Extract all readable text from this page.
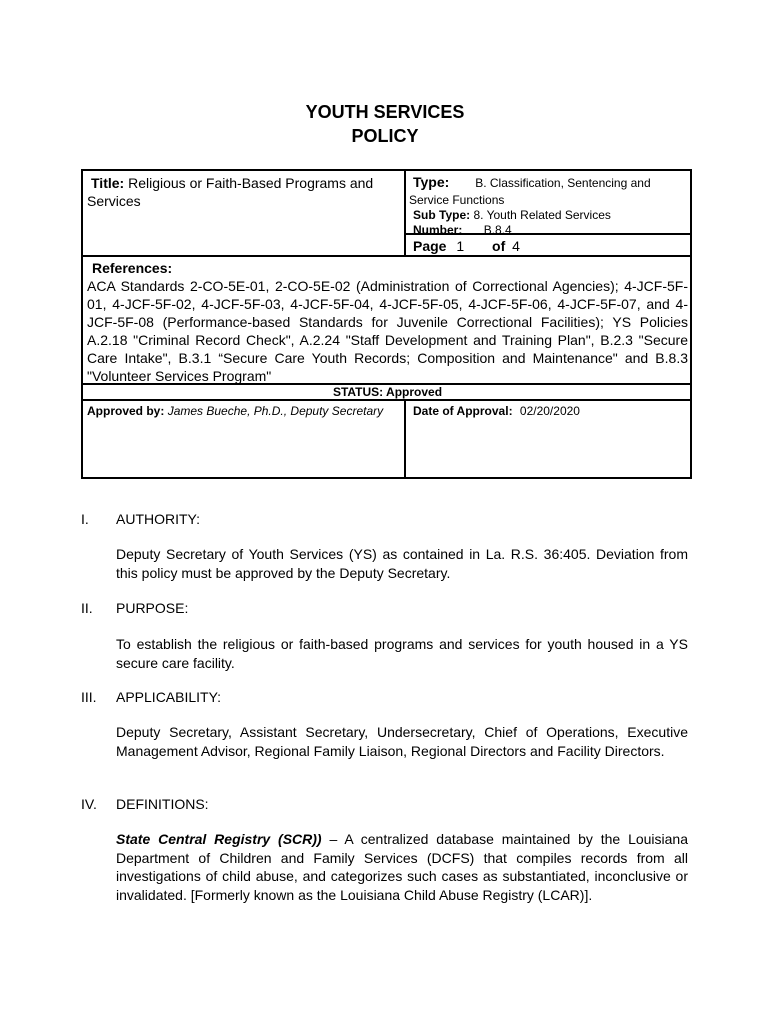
YOUTH SERVICES
POLICY
Title: Religious or Faith-Based Programs and Services
Type: B. Classification, Sentencing and Service Functions
Sub Type: 8. Youth Related Services
Number: B.8.4
Page 1 of 4
References:
ACA Standards 2-CO-5E-01, 2-CO-5E-02 (Administration of Correctional Agencies); 4-JCF-5F-01, 4-JCF-5F-02, 4-JCF-5F-03, 4-JCF-5F-04, 4-JCF-5F-05, 4-JCF-5F-06, 4-JCF-5F-07, and 4-JCF-5F-08 (Performance-based Standards for Juvenile Correctional Facilities); YS Policies A.2.18 "Criminal Record Check", A.2.24 "Staff Development and Training Plan", B.2.3 "Secure Care Intake", B.3.1 “Secure Care Youth Records; Composition and Maintenance" and B.8.3 "Volunteer Services Program"
STATUS: Approved
Approved by: James Bueche, Ph.D., Deputy Secretary	Date of Approval: 02/20/2020
I. AUTHORITY:
Deputy Secretary of Youth Services (YS) as contained in La. R.S. 36:405. Deviation from this policy must be approved by the Deputy Secretary.
II. PURPOSE:
To establish the religious or faith-based programs and services for youth housed in a YS secure care facility.
III. APPLICABILITY:
Deputy Secretary, Assistant Secretary, Undersecretary, Chief of Operations, Executive Management Advisor, Regional Family Liaison, Regional Directors and Facility Directors.
IV. DEFINITIONS:
State Central Registry (SCR)) – A centralized database maintained by the Louisiana Department of Children and Family Services (DCFS) that compiles records from all investigations of child abuse, and categorizes such cases as substantiated, inconclusive or invalidated. [Formerly known as the Louisiana Child Abuse Registry (LCAR)].
